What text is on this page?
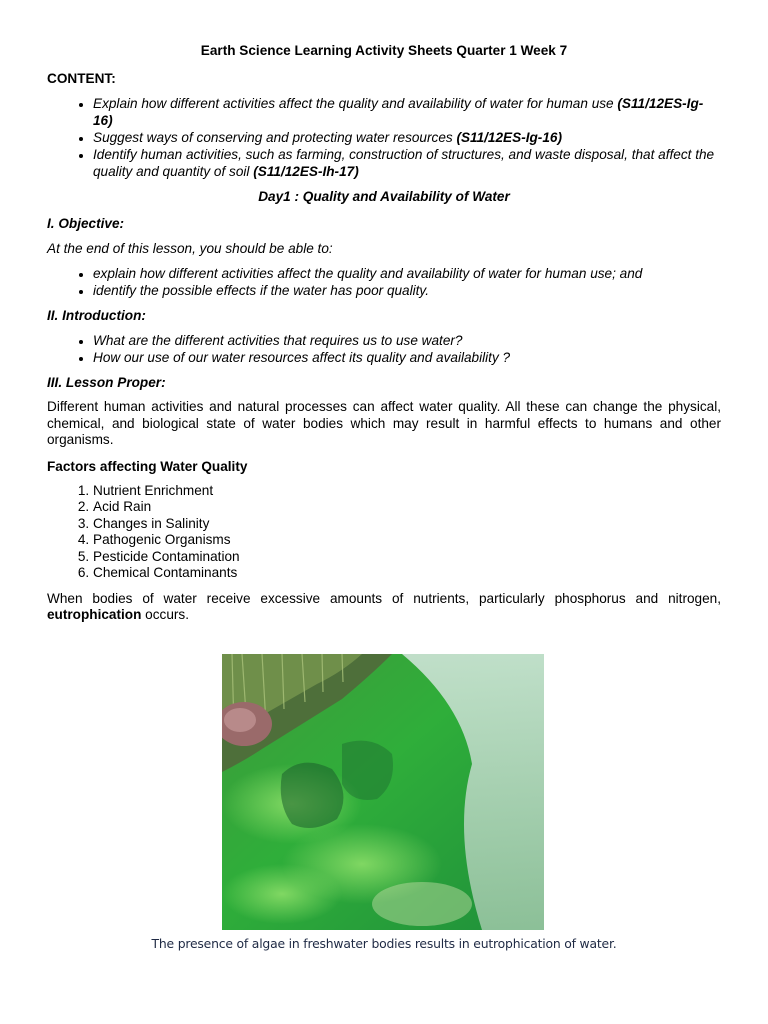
Earth Science Learning Activity Sheets Quarter 1 Week 7
CONTENT:
• Explain how different activities affect the quality and availability of water for human use (S11/12ES-Ig-16)
• Suggest ways of conserving and protecting water resources (S11/12ES-Ig-16)
• Identify human activities, such as farming, construction of structures, and waste disposal, that affect the quality and quantity of soil (S11/12ES-Ih-17)
Day1 : Quality and Availability of Water
I. Objective:
At the end of this lesson, you should be able to:
• explain how different activities affect the quality and availability of water for human use; and
• identify the possible effects if the water has poor quality.
II. Introduction:
• What are the different activities that requires us to use water?
• How our use of our water resources affect its quality and availability ?
III. Lesson Proper:
Different human activities and natural processes can affect water quality. All these can change the physical, chemical, and biological state of water bodies which may result in harmful effects to humans and other organisms.
Factors affecting Water Quality
1. Nutrient Enrichment
2. Acid Rain
3. Changes in Salinity
4. Pathogenic Organisms
5. Pesticide Contamination
6. Chemical Contaminants
When bodies of water receive excessive amounts of nutrients, particularly phosphorus and nitrogen, eutrophication occurs.
The presence of algae in freshwater bodies results in eutrophication of water.
